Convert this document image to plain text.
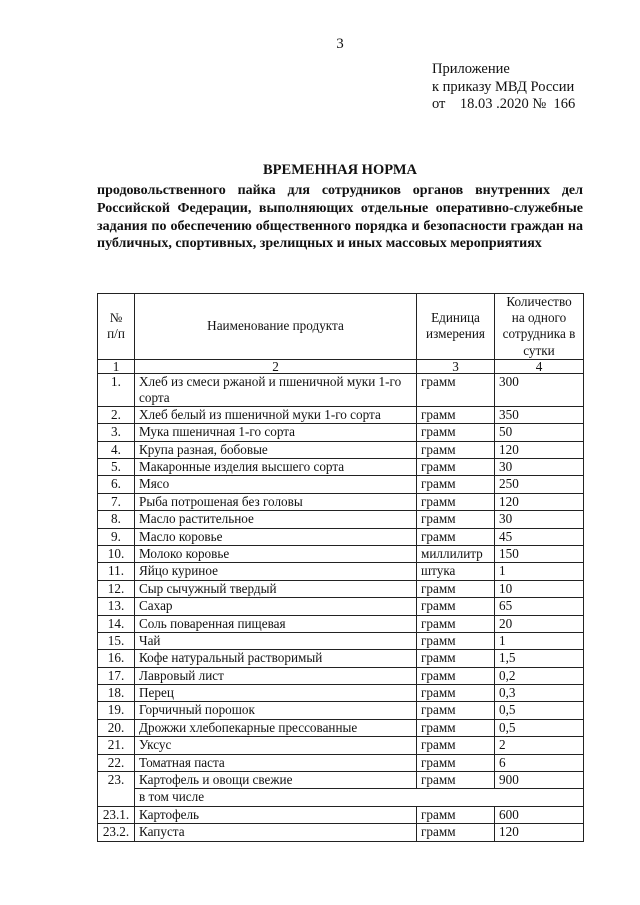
3
Приложение
к приказу МВД России
от    18.03 .2020 №  166
ВРЕМЕННАЯ НОРМА
продовольственного пайка для сотрудников органов внутренних дел Российской Федерации, выполняющих отдельные оперативно-служебные задания по обеспечению общественного порядка и безопасности граждан на публичных, спортивных, зрелищных и иных массовых мероприятиях
№ п/п	Наименование продукта	Единица измерения	Количество на одного сотрудника в сутки
1	2	3	4
1.	Хлеб из смеси ржаной и пшеничной муки 1-го сорта	грамм	300
2.	Хлеб белый из пшеничной муки 1-го сорта	грамм	350
3.	Мука пшеничная 1-го сорта	грамм	50
4.	Крупа разная, бобовые	грамм	120
5.	Макаронные изделия высшего сорта	грамм	30
6.	Мясо	грамм	250
7.	Рыба потрошеная без головы	грамм	120
8.	Масло растительное	грамм	30
9.	Масло коровье	грамм	45
10.	Молоко коровье	миллилитр	150
11.	Яйцо куриное	штука	1
12.	Сыр сычужный твердый	грамм	10
13.	Сахар	грамм	65
14.	Соль поваренная пищевая	грамм	20
15.	Чай	грамм	1
16.	Кофе натуральный растворимый	грамм	1,5
17.	Лавровый лист	грамм	0,2
18.	Перец	грамм	0,3
19.	Горчичный порошок	грамм	0,5
20.	Дрожжи хлебопекарные прессованные	грамм	0,5
21.	Уксус	грамм	2
22.	Томатная паста	грамм	6
23.	Картофель и овощи свежие	грамм	900
	в том числе		
23.1.	Картофель	грамм	600
23.2.	Капуста	грамм	120
